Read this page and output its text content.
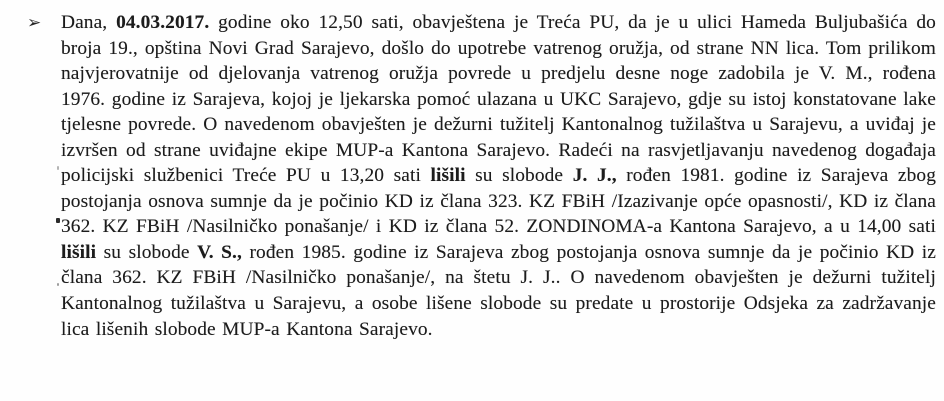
➢	Dana, 04.03.2017. godine oko 12,50 sati, obavještena je Treća PU, da je u ulici Hameda Buljubašića do broja 19., opština Novi Grad Sarajevo, došlo do upotrebe vatrenog oružja, od strane NN lica. Tom prilikom najvjerovatnije od djelovanja vatrenog oružja povrede u predjelu desne noge zadobila je V. M., rođena 1976. godine iz Sarajeva, kojoj je ljekarska pomoć ulazana u UKC Sarajevo, gdje su istoj konstatovane lake tjelesne povrede. O navedenom obavješten je dežurni tužitelj Kantonalnog tužilaštva u Sarajevu, a uviđaj je izvršen od strane uviđajne ekipe MUP-a Kantona Sarajevo. Radeći na rasvjetljavanju navedenog događaja policijski službenici Treće PU u 13,20 sati lišili su slobode J. J., rođen 1981. godine iz Sarajeva zbog postojanja osnova sumnje da je počinio KD iz člana 323. KZ FBiH /Izazivanje opće opasnosti/, KD iz člana 362. KZ FBiH /Nasilničko ponašanje/ i KD iz člana 52. ZONDINOMA-a Kantona Sarajevo, a u 14,00 sati lišili su slobode V. S., rođen 1985. godine iz Sarajeva zbog postojanja osnova sumnje da je počinio KD iz člana 362. KZ FBiH /Nasilničko ponašanje/, na štetu J. J.. O navedenom obavješten je dežurni tužitelj Kantonalnog tužilaštva u Sarajevu, a osobe lišene slobode su predate u prostorije Odsjeka za zadržavanje lica lišenih slobode MUP-a Kantona Sarajevo.
